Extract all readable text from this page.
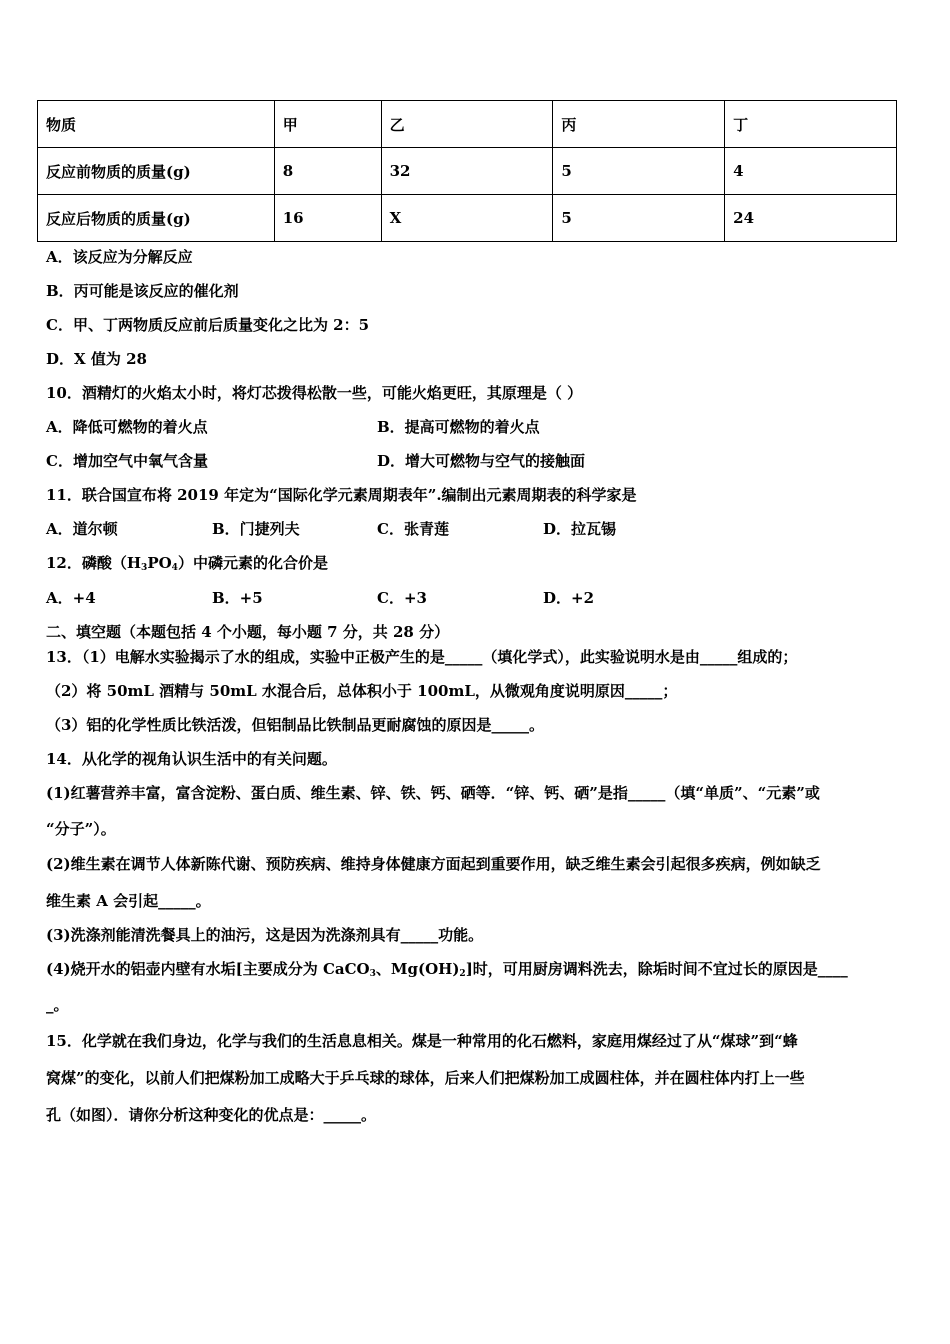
物质	甲	乙	丙	丁
反应前物质的质量(g)	8	32	5	4
反应后物质的质量(g)	16	X	5	24
A．该反应为分解反应
B．丙可能是该反应的催化剂
C．甲、丁两物质反应前后质量变化之比为 2：5
D．X 值为 28
10．酒精灯的火焰太小时，将灯芯拨得松散一些，可能火焰更旺，其原理是（ ）
A．降低可燃物的着火点	B．提高可燃物的着火点
C．增加空气中氧气含量	D．增大可燃物与空气的接触面
11．联合国宣布将 2019 年定为“国际化学元素周期表年”.编制出元素周期表的科学家是
A．道尔顿	B．门捷列夫	C．张青莲	D．拉瓦锡
12．磷酸$(H_3PO_4)$中磷元素的化合价是
A．+4	B．+5	C．+3	D．+2
二、填空题（本题包括 4 个小题，每小题 7 分，共 28 分）
13．（1）电解水实验揭示了水的组成，实验中正极产生的是_____（填化学式），此实验说明水是由_____组成的；
（2）将 50mL 酒精与 50mL 水混合后，总体积小于 100mL，从微观角度说明原因_____；
（3）铝的化学性质比铁活泼，但铝制品比铁制品更耐腐蚀的原因是_____。
14．从化学的视角认识生活中的有关问题。
(1)红薯营养丰富，富含淀粉、蛋白质、维生素、锌、铁、钙、硒等．“锌、钙、硒”是指_____（填“单质”、“元素”或
“分子”）。
(2)维生素在调节人体新陈代谢、预防疾病、维持身体健康方面起到重要作用，缺乏维生素会引起很多疾病，例如缺乏
维生素 A 会引起_____。
(3)洗涤剂能清洗餐具上的油污，这是因为洗涤剂具有_____功能。
(4)烧开水的铝壶内壁有水垢[主要成分为 CaCO$_3$、$Mg(OH)_2$]时，可用厨房调料洗去，除垢时间不宜过长的原因是____
_。
15．化学就在我们身边，化学与我们的生活息息相关。煤是一种常用的化石燃料，家庭用煤经过了从“煤球”到“蜂
窝煤”的变化，以前人们把煤粉加工成略大于乒乓球的球体，后来人们把煤粉加工成圆柱体，并在圆柱体内打上一些
孔（如图）．请你分析这种变化的优点是：_____。
